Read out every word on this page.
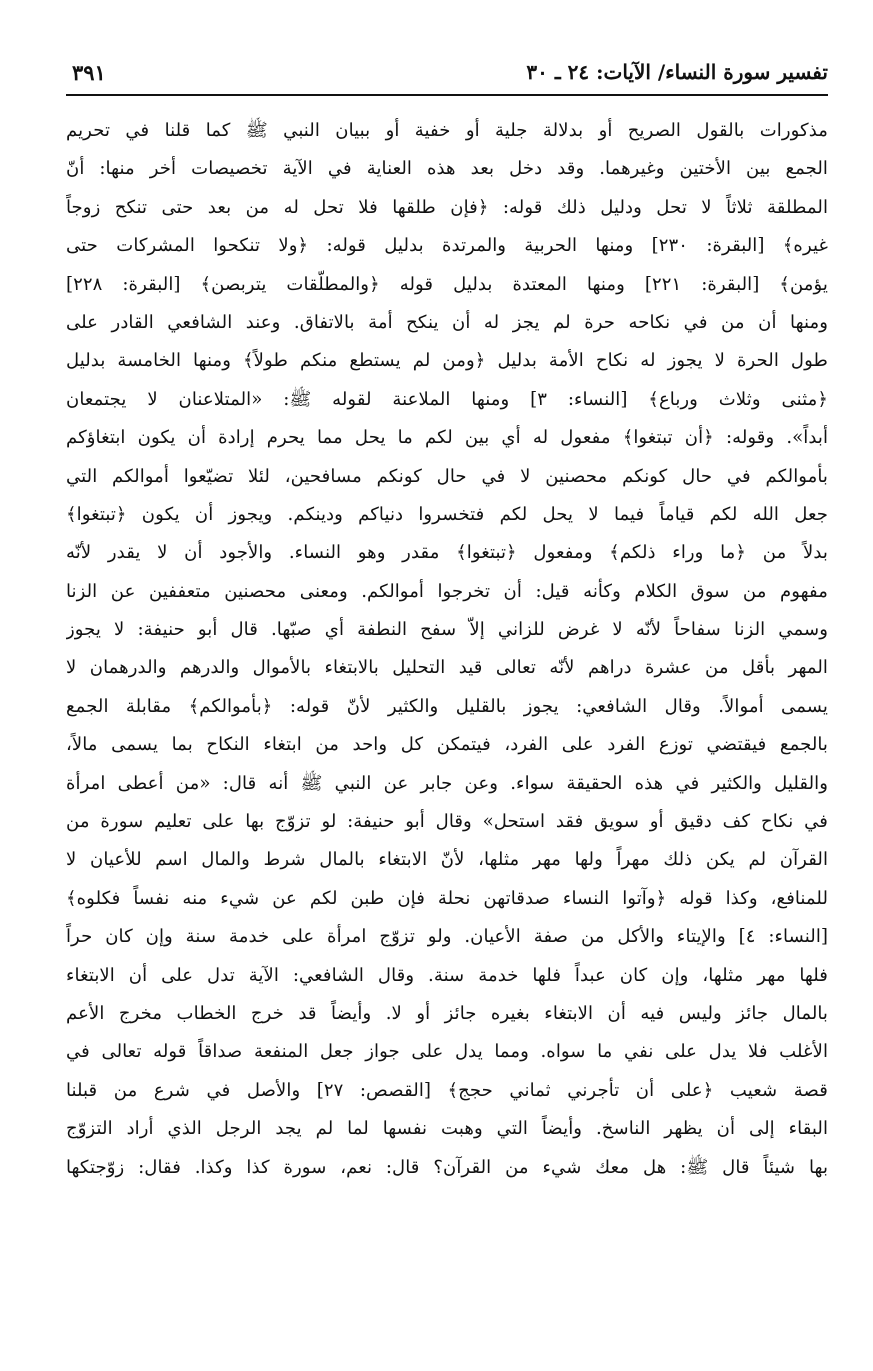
تفسير سورة النساء/ الآيات: ٢٤ ـ ٣٠
٣٩١
مذكورات بالقول الصريح أو بدلالة جلية أو خفية أو ببيان النبي ﷺ كما قلنا في تحريم
الجمع بين الأختين وغيرهما. وقد دخل بعد هذه العناية في الآية تخصيصات أخر منها: أنّ
المطلقة ثلاثاً لا تحل ودليل ذلك قوله: ﴿فإن طلقها فلا تحل له من بعد حتى تنكح زوجاً
غيره﴾ [البقرة: ٢٣٠] ومنها الحربية والمرتدة بدليل قوله: ﴿ولا تنكحوا المشركات حتى
يؤمن﴾ [البقرة: ٢٢١] ومنها المعتدة بدليل قوله ﴿والمطلّقات يتربصن﴾ [البقرة: ٢٢٨]
ومنها أن من في نكاحه حرة لم يجز له أن ينكح أمة بالاتفاق. وعند الشافعي القادر على
طول الحرة لا يجوز له نكاح الأمة بدليل ﴿ومن لم يستطع منكم طولاً﴾ ومنها الخامسة بدليل
﴿مثنى وثلاث ورباع﴾ [النساء: ٣] ومنها الملاعنة لقوله ﷺ: «المتلاعنان لا يجتمعان
أبداً». وقوله: ﴿أن تبتغوا﴾ مفعول له أي بين لكم ما يحل مما يحرم إرادة أن يكون ابتغاؤكم
بأموالكم في حال كونكم محصنين لا في حال كونكم مسافحين، لئلا تضيّعوا أموالكم التي
جعل الله لكم قياماً فيما لا يحل لكم فتخسروا دنياكم ودينكم. ويجوز أن يكون ﴿تبتغوا﴾
بدلاً من ﴿ما وراء ذلكم﴾ ومفعول ﴿تبتغوا﴾ مقدر وهو النساء. والأجود أن لا يقدر لأنّه
مفهوم من سوق الكلام وكأنه قيل: أن تخرجوا أموالكم. ومعنى محصنين متعففين عن الزنا
وسمي الزنا سفاحاً لأنّه لا غرض للزاني إلاّ سفح النطفة أي صبّها. قال أبو حنيفة: لا يجوز
المهر بأقل من عشرة دراهم لأنّه تعالى قيد التحليل بالابتغاء بالأموال والدرهم والدرهمان لا
يسمى أموالاً. وقال الشافعي: يجوز بالقليل والكثير لأنّ قوله: ﴿بأموالكم﴾ مقابلة الجمع
بالجمع فيقتضي توزع الفرد على الفرد، فيتمكن كل واحد من ابتغاء النكاح بما يسمى مالاً،
والقليل والكثير في هذه الحقيقة سواء. وعن جابر عن النبي ﷺ أنه قال: «من أعطى امرأة
في نكاح كف دقيق أو سويق فقد استحل» وقال أبو حنيفة: لو تزوّج بها على تعليم سورة من
القرآن لم يكن ذلك مهراً ولها مهر مثلها، لأنّ الابتغاء بالمال شرط والمال اسم للأعيان لا
للمنافع، وكذا قوله ﴿وآتوا النساء صدقاتهن نحلة فإن طبن لكم عن شيء منه نفساً فكلوه﴾
[النساء: ٤] والإيتاء والأكل من صفة الأعيان. ولو تزوّج امرأة على خدمة سنة وإن كان حراً
فلها مهر مثلها، وإن كان عبداً فلها خدمة سنة. وقال الشافعي: الآية تدل على أن الابتغاء
بالمال جائز وليس فيه أن الابتغاء بغيره جائز أو لا. وأيضاً قد خرج الخطاب مخرج الأعم
الأغلب فلا يدل على نفي ما سواه. ومما يدل على جواز جعل المنفعة صداقاً قوله تعالى في
قصة شعيب ﴿على أن تأجرني ثماني حجج﴾ [القصص: ٢٧] والأصل في شرع من قبلنا
البقاء إلى أن يظهر الناسخ. وأيضاً التي وهبت نفسها لما لم يجد الرجل الذي أراد التزوّج
بها شيئاً قال ﷺ: هل معك شيء من القرآن؟ قال: نعم، سورة كذا وكذا. فقال: زوّجتكها
